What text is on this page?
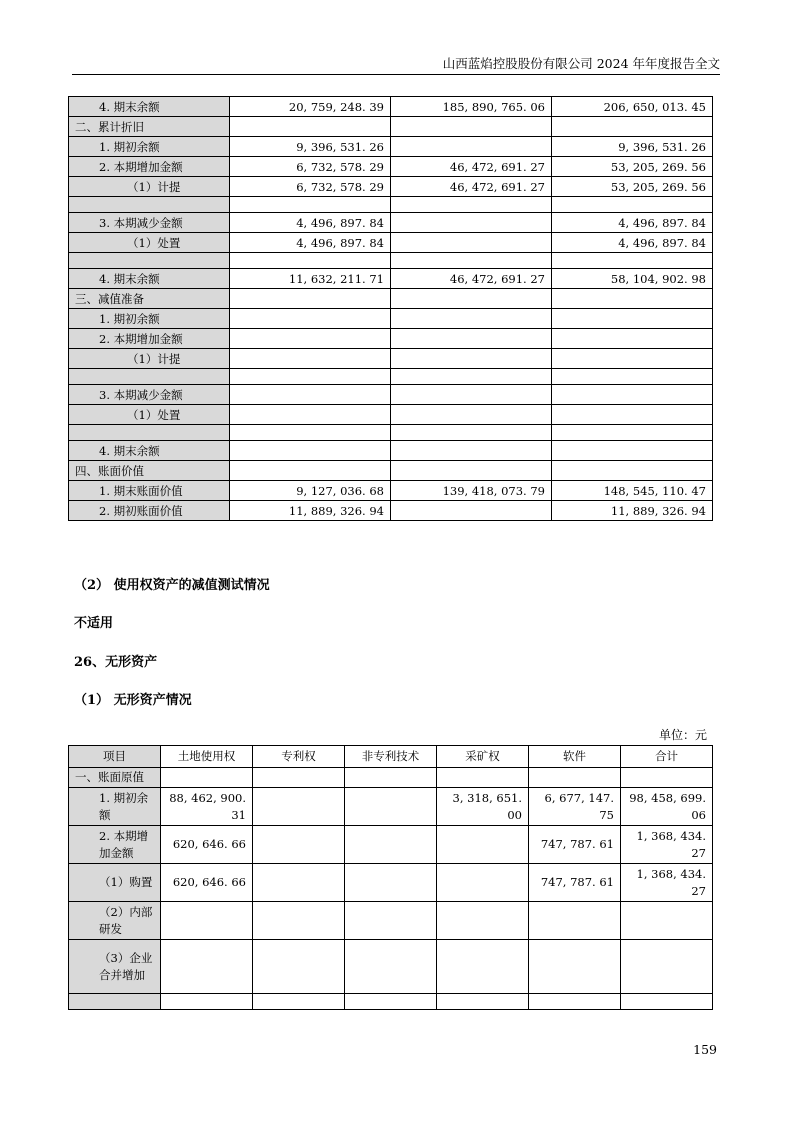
山西蓝焰控股股份有限公司 2024 年年度报告全文
4. 期末余额	20, 759, 248. 39	185, 890, 765. 06	206, 650, 013. 45
二、累计折旧			
1. 期初余额	9, 396, 531. 26		9, 396, 531. 26
2. 本期增加金额	6, 732, 578. 29	46, 472, 691. 27	53, 205, 269. 56
（1）计提	6, 732, 578. 29	46, 472, 691. 27	53, 205, 269. 56

3. 本期减少金额	4, 496, 897. 84		4, 496, 897. 84
（1）处置	4, 496, 897. 84		4, 496, 897. 84

4. 期末余额	11, 632, 211. 71	46, 472, 691. 27	58, 104, 902. 98
三、减值准备			
1. 期初余额			
2. 本期增加金额			
（1）计提			

3. 本期减少金额			
（1）处置			

4. 期末余额			
四、账面价值			
1. 期末账面价值	9, 127, 036. 68	139, 418, 073. 79	148, 545, 110. 47
2. 期初账面价值	11, 889, 326. 94		11, 889, 326. 94
（2） 使用权资产的减值测试情况
不适用
26、无形资产
（1） 无形资产情况
单位：元
项目	土地使用权	专利权	非专利技术	采矿权	软件	合计
一、账面原值						
1. 期初余额	88, 462, 900. 31			3, 318, 651. 00	6, 677, 147. 75	98, 458, 699. 06
2. 本期增加金额	620, 646. 66				747, 787. 61	1, 368, 434. 27
（1）购置	620, 646. 66				747, 787. 61	1, 368, 434. 27
（2）内部研发						
（3）企业合并增加						

159
